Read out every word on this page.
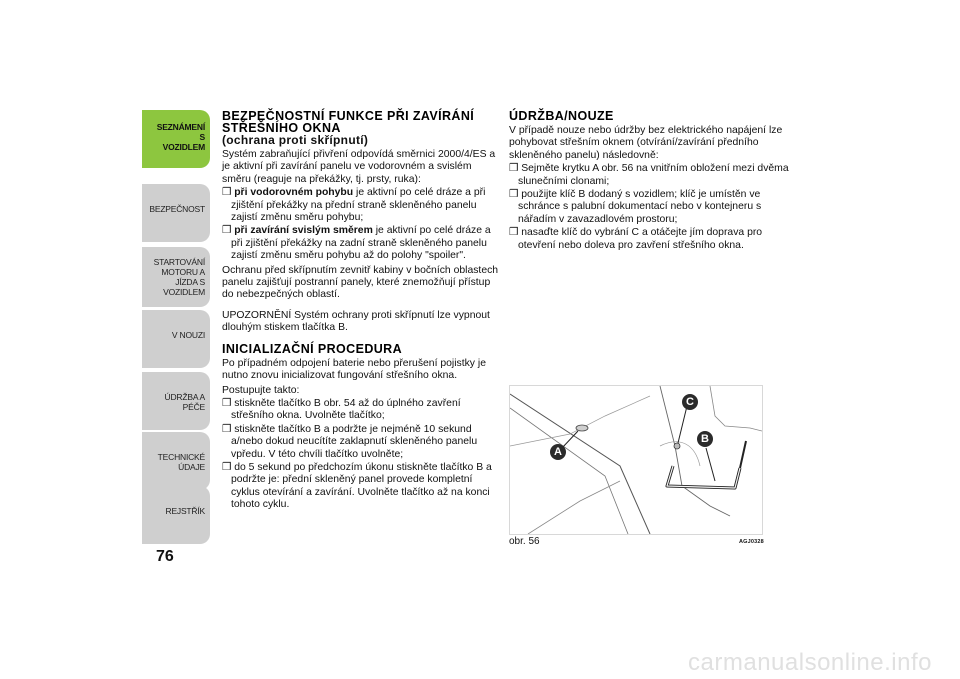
SEZNÁMENÍ S VOZIDLEM
BEZPEČNOST
STARTOVÁNÍ MOTORU A JÍZDA S VOZIDLEM
V NOUZI
ÚDRŽBA A PÉČE
TECHNICKÉ ÚDAJE
REJSTŘÍK
76
BEZPEČNOSTNÍ FUNKCE PŘI ZAVÍRÁNÍ STŘEŠNÍHO OKNA
(ochrana proti skřípnutí)

Systém zabraňující přivření odpovídá směrnici 2000/4/ES a je aktivní při zavírání panelu ve vodorovném a svislém směru (reaguje na překážky, tj. prsty, ruka):

❒ při vodorovném pohybu je aktivní po celé dráze a při zjištění překážky na přední straně skleněného panelu zajistí změnu směru pohybu;
❒ při zavírání svislým směrem je aktivní po celé dráze a při zjištění překážky na zadní straně skleněného panelu zajistí změnu směru pohybu až do polohy "spoiler".

Ochranu před skřípnutím zevnitř kabiny v bočních oblastech panelu zajišťují postranní panely, které znemožňují přístup do nebezpečných oblastí.

UPOZORNĚNÍ Systém ochrany proti skřípnutí lze vypnout dlouhým stiskem tlačítka B.

INICIALIZAČNÍ PROCEDURA

Po případném odpojení baterie nebo přerušení pojistky je nutno znovu inicializovat fungování střešního okna.

Postupujte takto:

❒ stiskněte tlačítko B obr. 54 až do úplného zavření střešního okna. Uvolněte tlačítko;
❒ stiskněte tlačítko B a podržte je nejméně 10 sekund a/nebo dokud neucítíte zaklapnutí skleněného panelu vpředu. V této chvíli tlačítko uvolněte;
❒ do 5 sekund po předchozím úkonu stiskněte tlačítko B a podržte je: přední skleněný panel provede kompletní cyklus otevírání a zavírání. Uvolněte tlačítko až na konci tohoto cyklu.
ÚDRŽBA/NOUZE

V případě nouze nebo údržby bez elektrického napájení lze pohybovat střešním oknem (otvírání/zavírání předního skleněného panelu) následovně:

❒ Sejměte krytku A obr. 56 na vnitřním obložení mezi dvěma slunečními clonami;
❒ použijte klíč B dodaný s vozidlem; klíč je umístěn ve schránce s palubní dokumentací nebo v kontejneru s nářadím v zavazadlovém prostoru;
❒ nasaďte klíč do vybrání C a otáčejte jím doprava pro otevření nebo doleva pro zavření střešního okna.
A
C
B
obr. 56	AGJ0328
carmanualsonline.info
